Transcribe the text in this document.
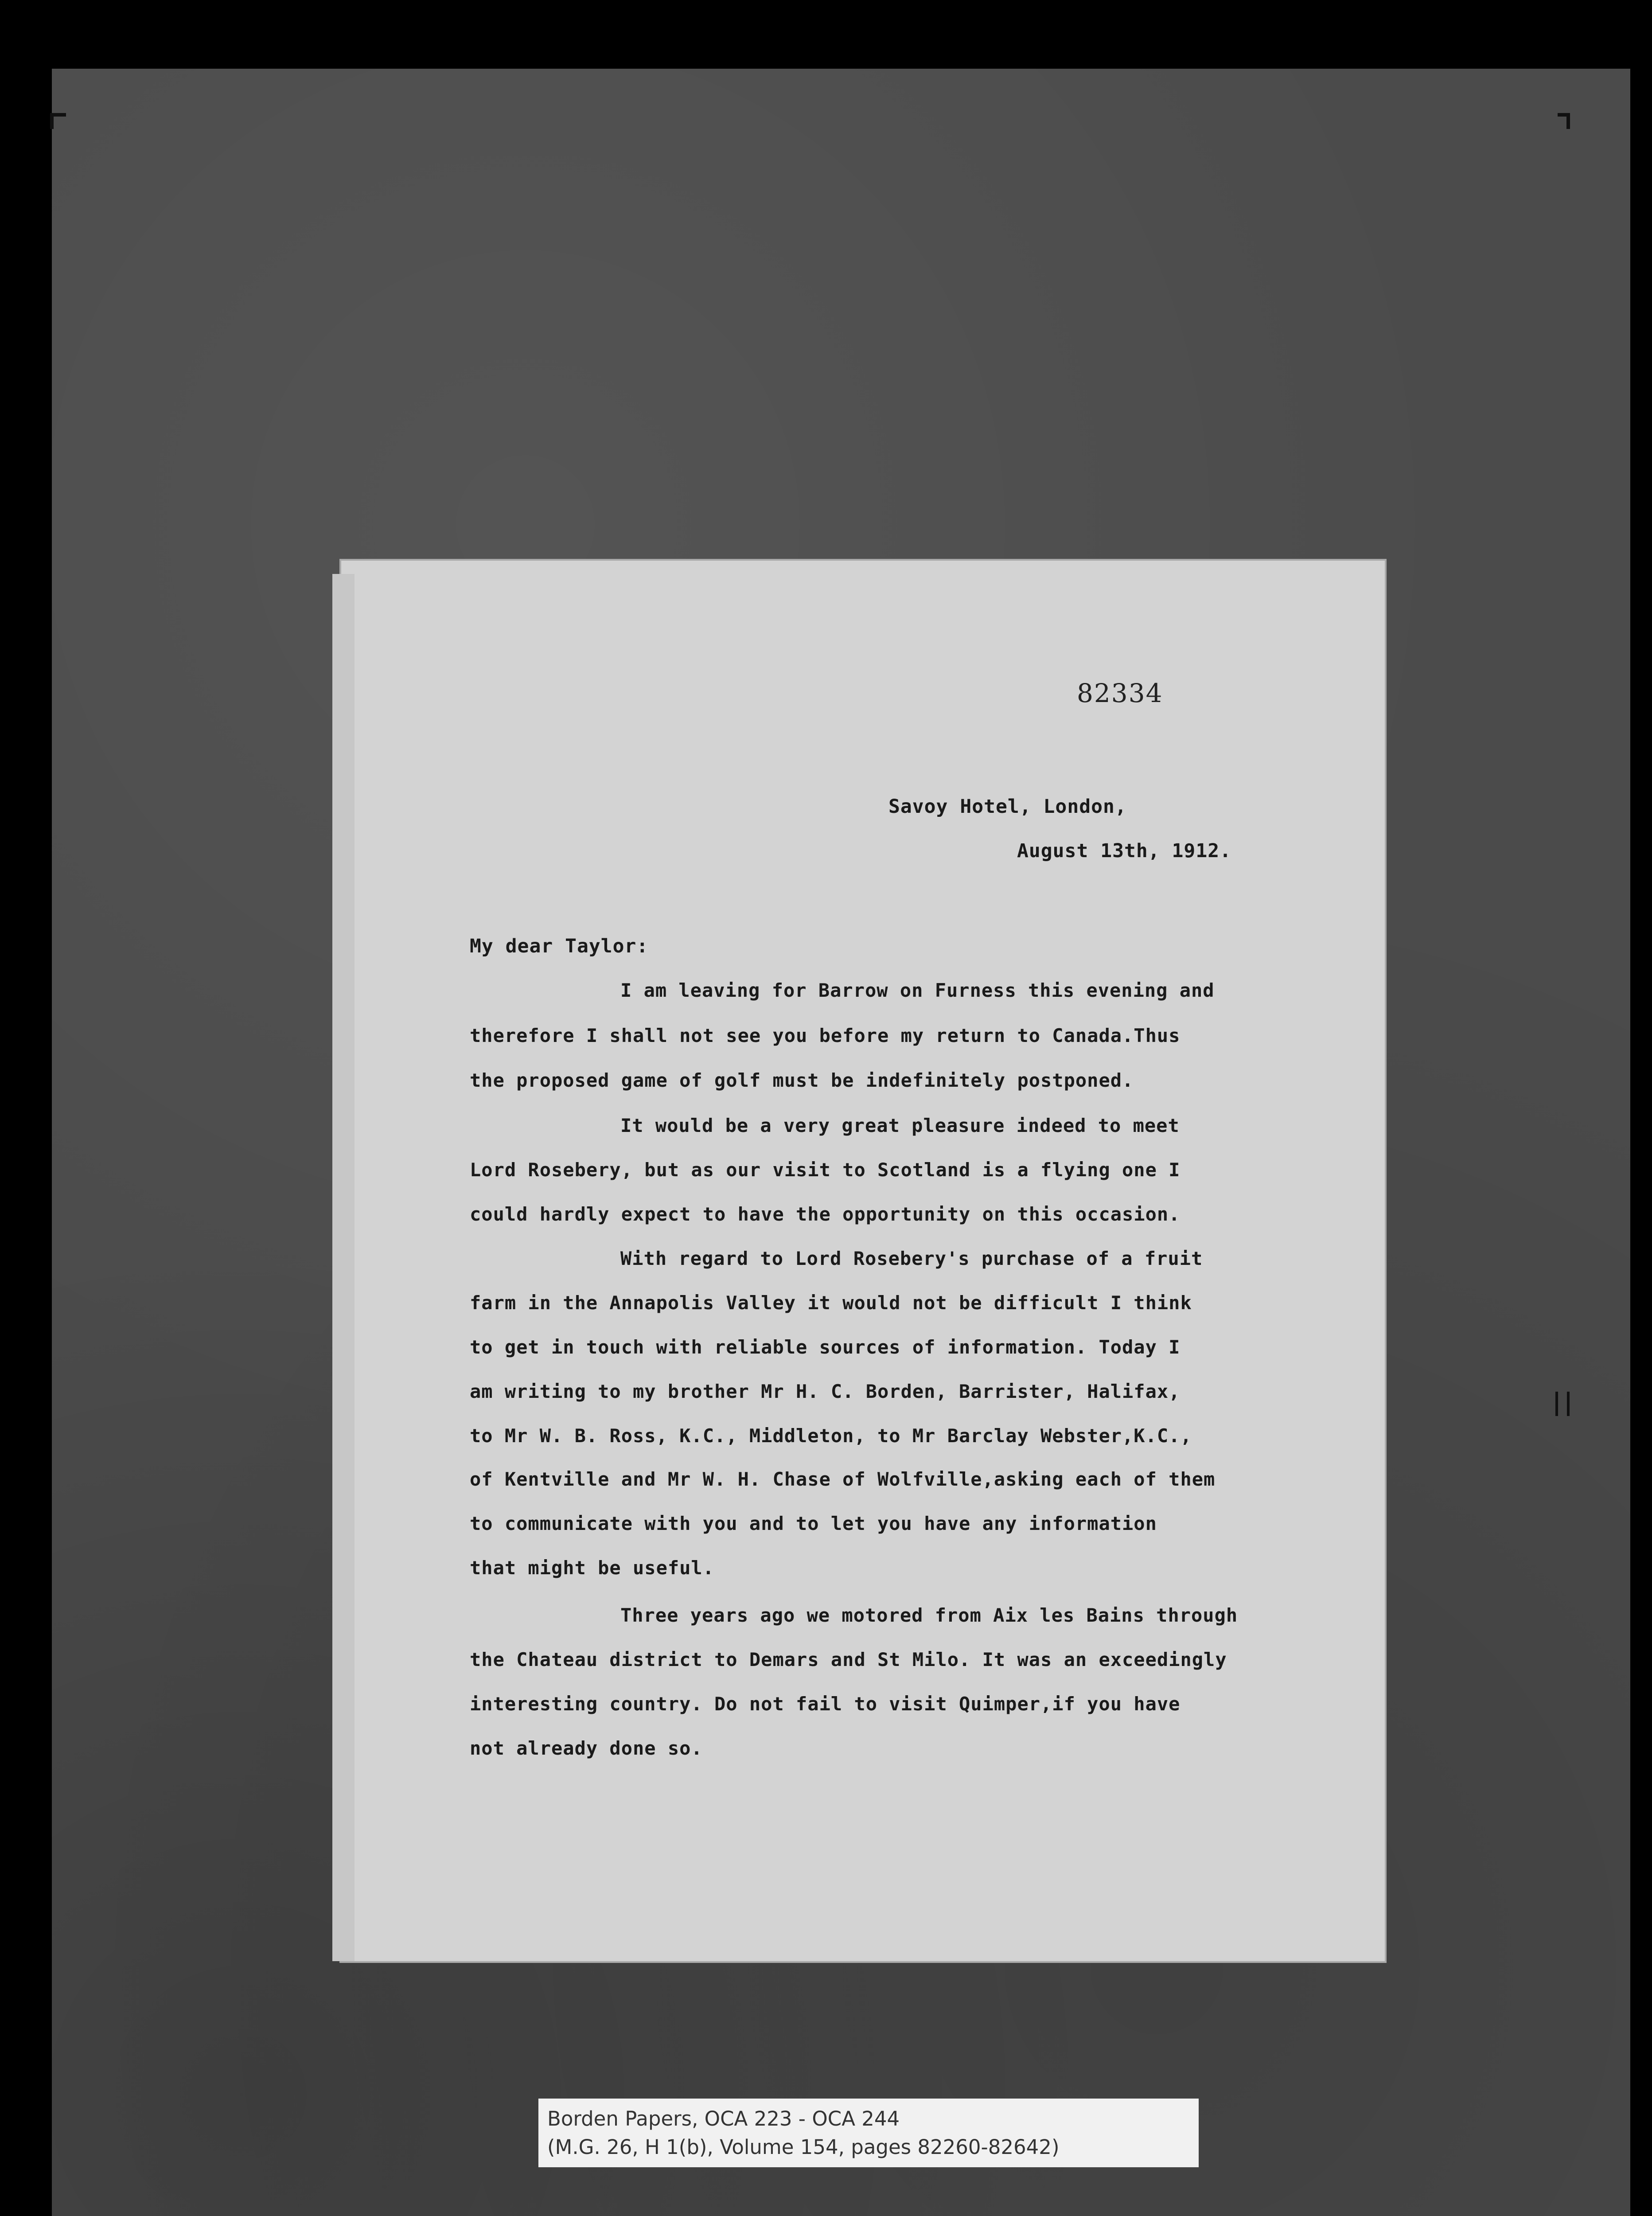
82334
Savoy Hotel, London,
August 13th, 1912.
My dear Taylor:
I am leaving for Barrow on Furness this evening and
therefore I shall not see you before my return to Canada.Thus
the proposed game of golf must be indefinitely postponed.
It would be a very great pleasure indeed to meet
Lord Rosebery, but as our visit to Scotland is a flying one I
could hardly expect to have the opportunity on this occasion.
With regard to Lord Rosebery's purchase of a fruit
farm in the Annapolis Valley it would not be difficult I think
to get in touch with reliable sources of information. Today I
am writing to my brother Mr H. C. Borden, Barrister, Halifax,
to Mr W. B. Ross, K.C., Middleton, to Mr Barclay Webster,K.C.,
of Kentville and Mr W. H. Chase of Wolfville,asking each of them
to communicate with you and to let you have any information
that might be useful.
Three years ago we motored from Aix les Bains through
the Chateau district to Demars and St Milo. It was an exceedingly
interesting country. Do not fail to visit Quimper,if you have
not already done so.
Borden Papers, OCA 223 - OCA 244
(M.G. 26, H 1(b), Volume 154, pages 82260-82642)
